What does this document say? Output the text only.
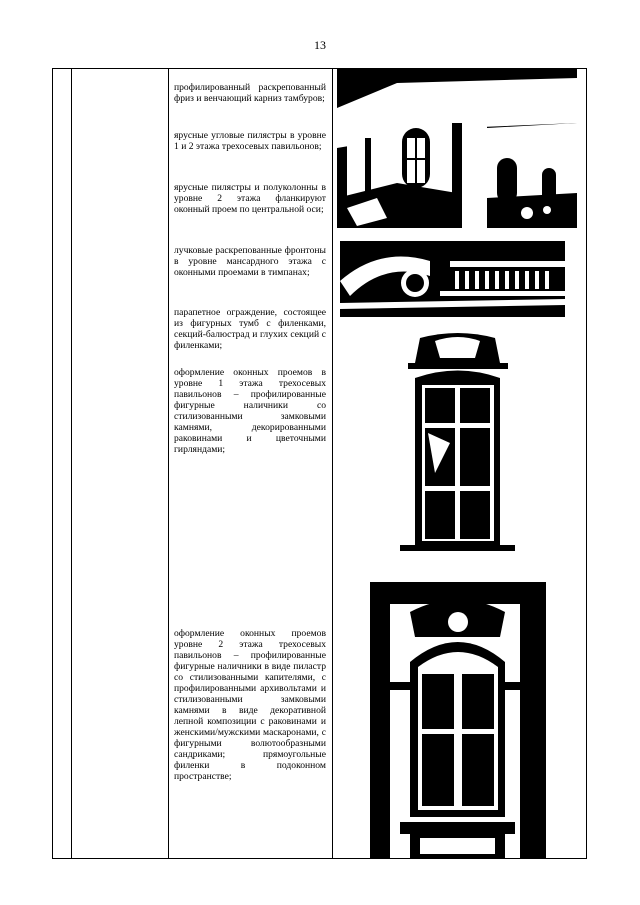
13

профилированный раскрепованный фриз и венчающий карниз тамбуров;

ярусные угловые пилястры в уровне 1 и 2 этажа трехосевых павильонов;

ярусные пилястры и полуколонны в уровне 2 этажа фланкируют оконный проем по центральной оси;

лучковые раскрепованные фронтоны в уровне мансардного этажа с оконными проемами в тимпанах;

парапетное ограждение, состоящее из фигурных тумб с филенками, секций-балюстрад и глухих секций с филенками;

оформление оконных проемов в уровне 1 этажа трехосевых павильонов – профилированные фигурные наличники со стилизованными замковыми камнями, декорированными раковинами и цветочными гирляндами;

оформление оконных проемов уровне 2 этажа трехосевых павильонов – профилированные фигурные наличники в виде пиластр со стилизованными капителями, с профилированными архивольтами и стилизованными замковыми камнями в виде декоративной лепной композиции с раковинами и женскими/мужскими маскаронами, с фигурными волютообразными сандриками; прямоугольные филенки в подоконном пространстве;
